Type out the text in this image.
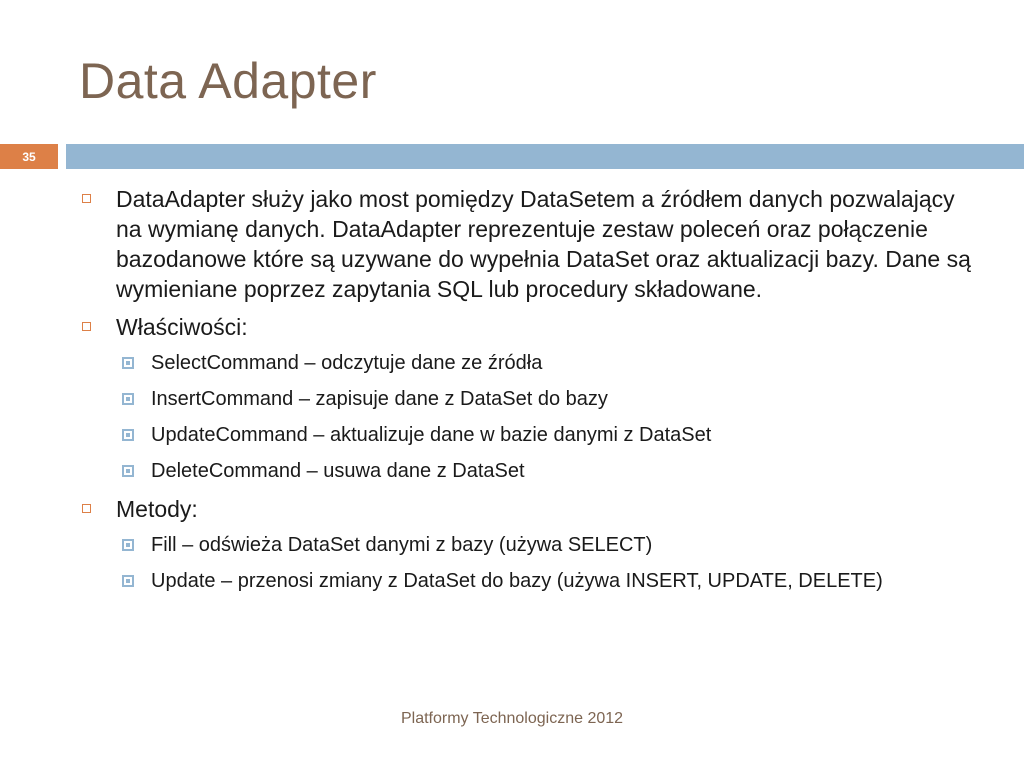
Data Adapter
35
DataAdapter służy jako most pomiędzy DataSetem a źródłem danych pozwalający na wymianę danych. DataAdapter reprezentuje zestaw poleceń oraz połączenie bazodanowe które są uzywane do wypełnia DataSet oraz aktualizacji bazy. Dane są wymieniane poprzez zapytania SQL lub procedury składowane.
Właściwości:
SelectCommand – odczytuje dane ze źródła
InsertCommand – zapisuje dane z DataSet do bazy
UpdateCommand – aktualizuje dane w bazie danymi z DataSet
DeleteCommand – usuwa dane z DataSet
Metody:
Fill – odświeża DataSet danymi z bazy (używa SELECT)
Update – przenosi zmiany z DataSet do bazy (używa INSERT, UPDATE, DELETE)
Platformy Technologiczne 2012
